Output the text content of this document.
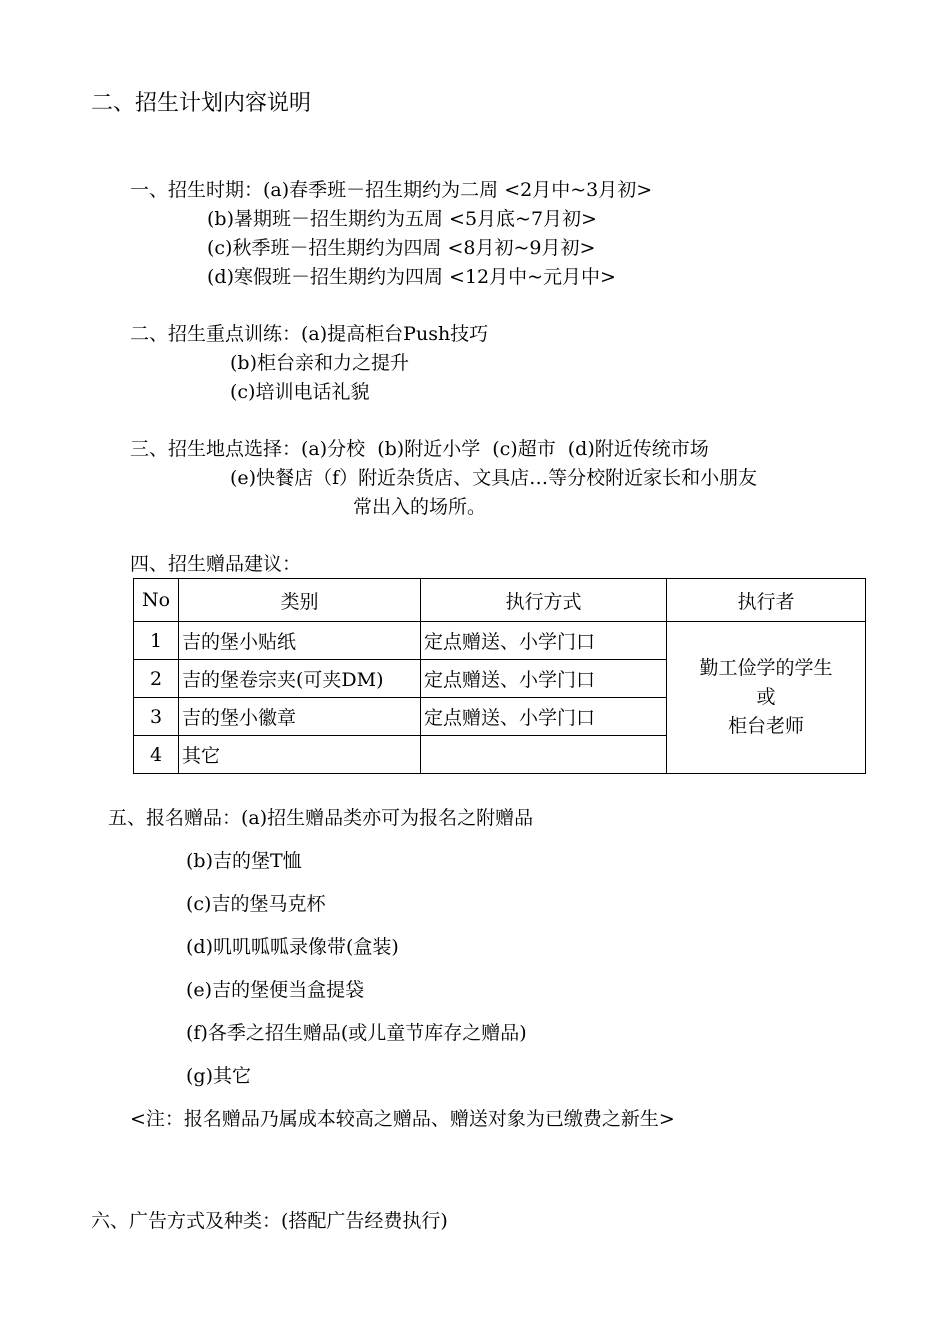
二、招生计划内容说明
一、招生时期：(a)春季班－招生期约为二周 <2月中~3月初>
(b)暑期班－招生期约为五周 <5月底~7月初>
(c)秋季班－招生期约为四周 <8月初~9月初>
(d)寒假班－招生期约为四周 <12月中~元月中>
二、招生重点训练：(a)提高柜台Push技巧
(b)柜台亲和力之提升
(c)培训电话礼貌
三、招生地点选择：(a)分校 (b)附近小学 (c)超市 (d)附近传统市场
(e)快餐店（f）附近杂货店、文具店…等分校附近家长和小朋友
常出入的场所。
四、招生赠品建议：
No	类别	执行方式	执行者
1	吉的堡小贴纸	定点赠送、小学门口	勤工俭学的学生
或
柜台老师

2	吉的堡卷宗夹(可夹DM)	定点赠送、小学门口	
3	吉的堡小徽章	定点赠送、小学门口	
4	其它		
五、报名赠品：(a)招生赠品类亦可为报名之附赠品
(b)吉的堡T恤
(c)吉的堡马克杯
(d)叽叽呱呱录像带(盒装)
(e)吉的堡便当盒提袋
(f)各季之招生赠品(或儿童节库存之赠品)
(g)其它
<注：报名赠品乃属成本较高之赠品、赠送对象为已缴费之新生>
六、广告方式及种类：(搭配广告经费执行)
